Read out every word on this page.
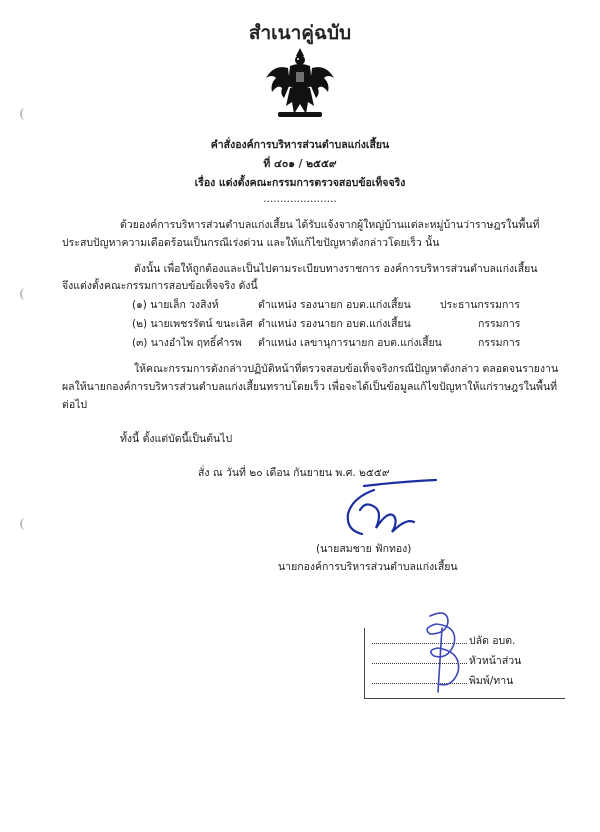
สำเนาคู่ฉบับ
คำสั่งองค์การบริหารส่วนตำบลแก่งเสี้ยน
ที่ ๔๐๑ / ๒๕๕๙
เรื่อง แต่งตั้งคณะกรรมการตรวจสอบข้อเท็จจริง
......................
ด้วยองค์การบริหารส่วนตำบลแก่งเสี้ยน ได้รับแจ้งจากผู้ใหญ่บ้านแต่ละหมู่บ้านว่าราษฎรในพื้นที่
ประสบปัญหาความเดือดร้อนเป็นกรณีเร่งด่วน และให้แก้ไขปัญหาดังกล่าวโดยเร็ว นั้น
ดังนั้น เพื่อให้ถูกต้องและเป็นไปตามระเบียบทางราชการ องค์การบริหารส่วนตำบลแก่งเสี้ยน
จึงแต่งตั้งคณะกรรมการสอบข้อเท็จจริง ดังนี้
(๑) นายเล็ก วงสิงห์	ตำแหน่ง รองนายก อบต.แก่งเสี้ยน	ประธานกรรมการ
(๒) นายเพชรรัตน์ ขนะเลิศ ตำแหน่ง รองนายก อบต.แก่งเสี้ยน	กรรมการ
(๓) นางอำไพ ฤทธิ์คำรพ ตำแหน่ง เลขานุการนายก อบต.แก่งเสี้ยน	กรรมการ
ให้คณะกรรมการดังกล่าวปฏิบัติหน้าที่ตรวจสอบข้อเท็จจริงกรณีปัญหาดังกล่าว ตลอดจนรายงาน
ผลให้นายกองค์การบริหารส่วนตำบลแก่งเสี้ยนทราบโดยเร็ว เพื่อจะได้เป็นข้อมูลแก้ไขปัญหาให้แก่ราษฎรในพื้นที่
ต่อไป
ทั้งนี้ ตั้งแต่บัดนี้เป็นต้นไป
สั่ง ณ วันที่ ๒๐ เดือน กันยายน พ.ศ. ๒๕๕๙
(นายสมชาย ฟักทอง)
นายกองค์การบริหารส่วนตำบลแก่งเสี้ยน
ปลัด อบต.
หัวหน้าส่วน
พิมพ์/ทาน
